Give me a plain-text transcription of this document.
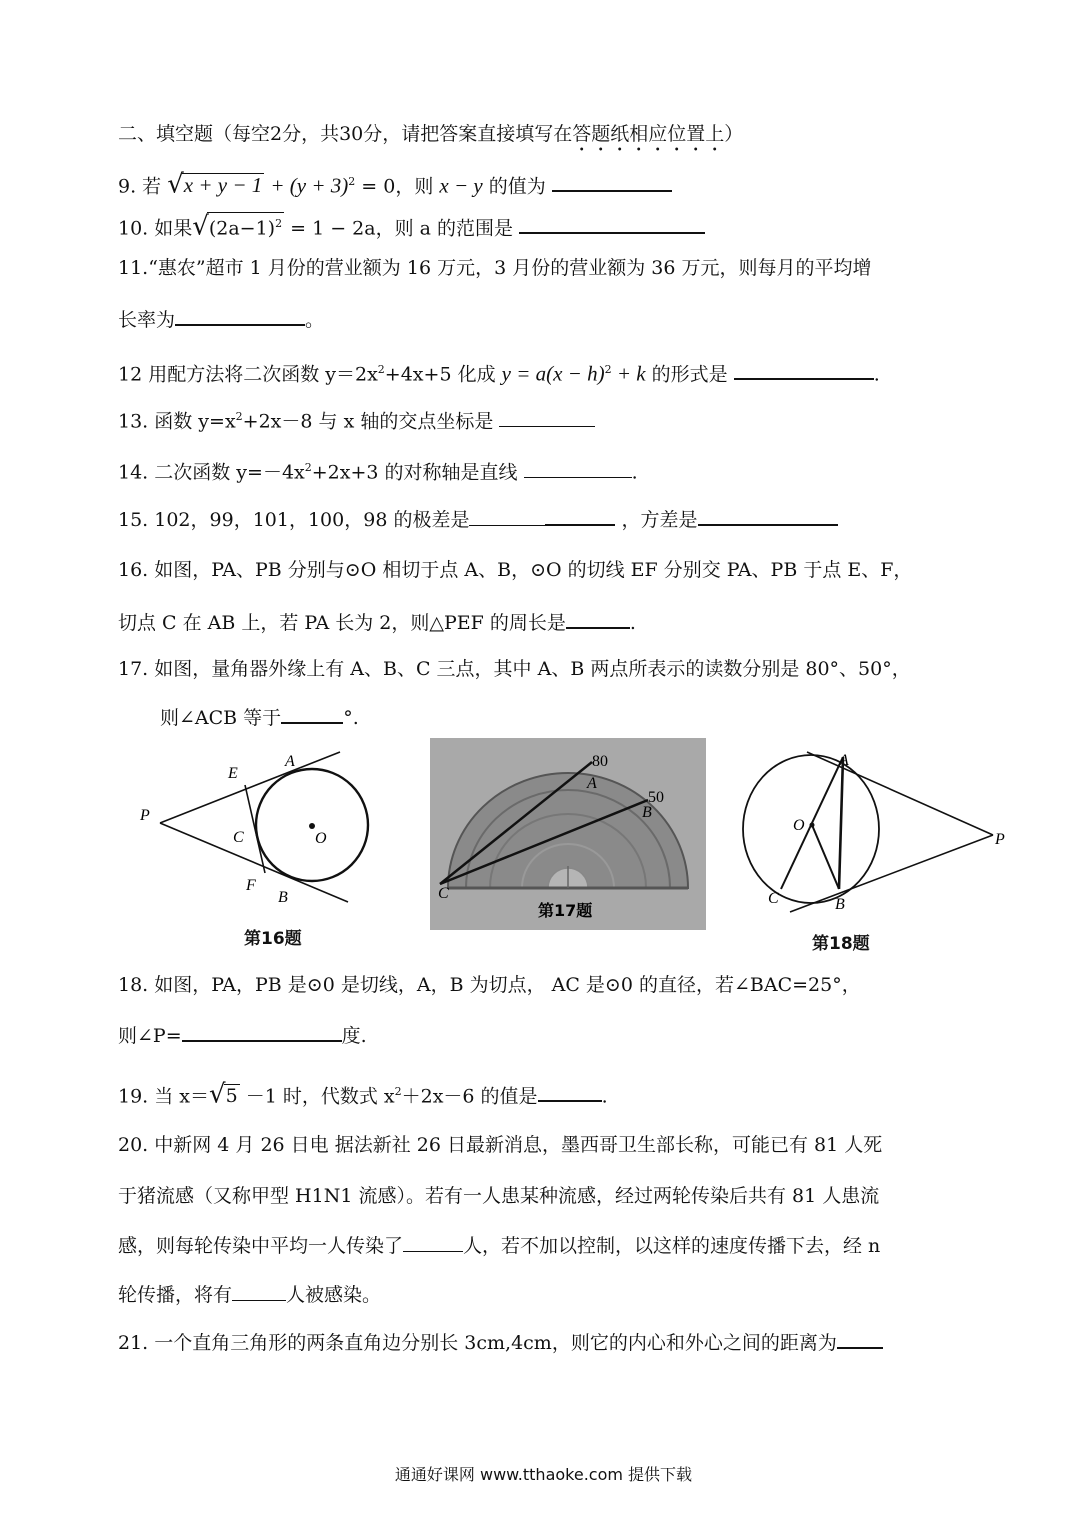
二、填空题（每空2分，共30分，请把答案直接填写在答题纸相应位置上）
9. 若 $√x + y - 1 + (y + 3)^2 = 0$，则 x − y 的值为
10. 如果$√(2a-1)^2 = 1 - 2a$，则 a 的范围是
11.“惠农”超市 1 月份的营业额为 16 万元，3 月份的营业额为 36 万元，则每月的平均增
长率为	。
12 用配方法将二次函数 $y=2x^2+4x+5$ 化成 $y = a(x - h)^2 + k$ 的形式是	.
13. 函数 $y=x^2+2x-8$ 与 x 轴的交点坐标是
14. 二次函数 $y=-4x^2+2x+3$ 的对称轴是直线	.
15. 102，99，101，100，98 的极差是	，方差是
16. 如图，PA、PB 分别与⊙O 相切于点 A、B，⊙O 的切线 EF 分别交 PA、PB 于点 E、F，
切点 C 在 AB 上，若 PA 长为 2，则△PEF 的周长是	.
17. 如图，量角器外缘上有 A、B、C 三点，其中 A、B 两点所表示的读数分别是 80°、50°，
则∠ACB 等于	°.
P
E
A
C	O
F
B
第16题
80
A
50
B
C
第17题
A
O
C	B
P
第18题
18. 如图，PA，PB 是⊙0 是切线，A，B 为切点， AC 是⊙0 的直径，若∠BAC=25°，
则∠P=	度.
19. 当 x＝√5 －1 时，代数式 $x^2+2x-6$ 的值是	.
20. 中新网 4 月 26 日电 据法新社 26 日最新消息，墨西哥卫生部长称，可能已有 81 人死
于猪流感（又称甲型 H1N1 流感）。若有一人患某种流感，经过两轮传染后共有 81 人患流
感，则每轮传染中平均一人传染了	人，若不加以控制，以这样的速度传播下去，经 n
轮传播，将有	人被感染。
21. 一个直角三角形的两条直角边分别长 3cm,4cm，则它的内心和外心之间的距离为
通通好课网 www.tthaoke.com 提供下载
